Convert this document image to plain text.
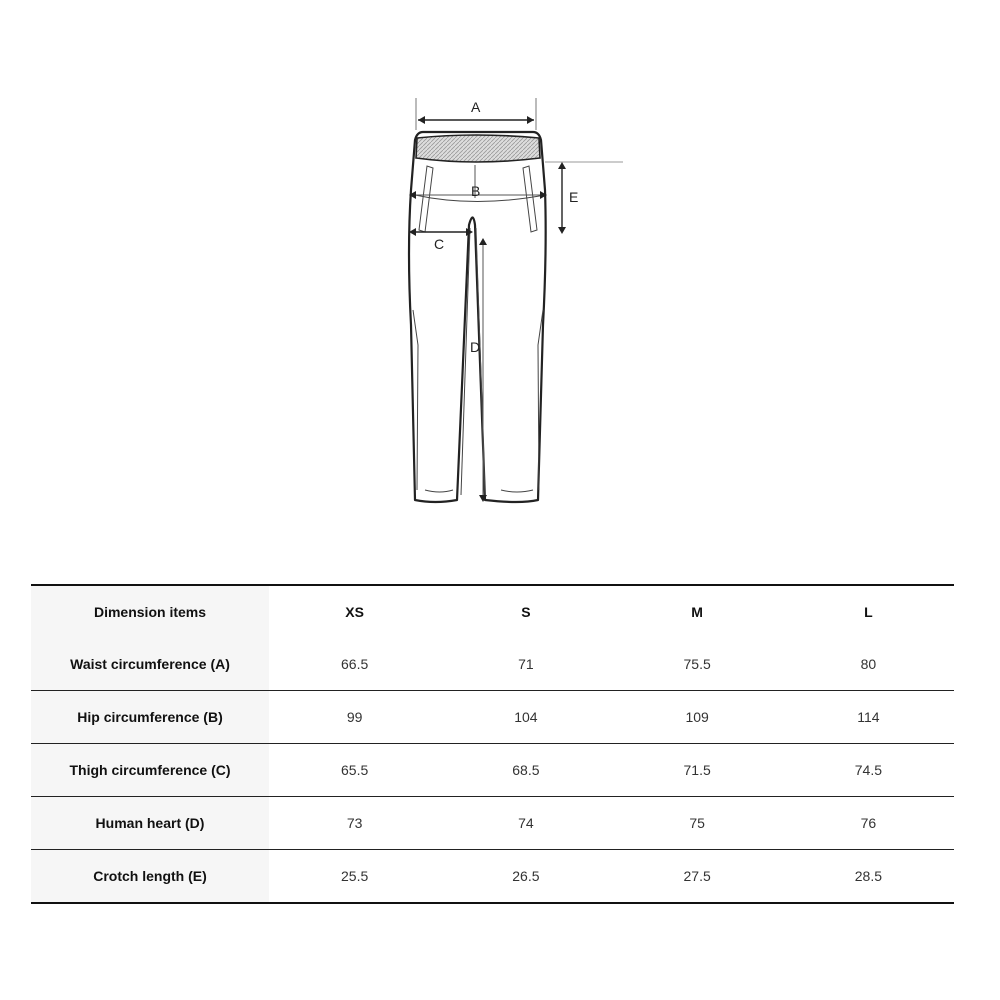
A
B
C
D
E
Dimension items	XS	S	M	L
Waist circumference (A)	66.5	71	75.5	80
Hip circumference (B)	99	104	109	114
Thigh circumference (C)	65.5	68.5	71.5	74.5
Human heart (D)	73	74	75	76
Crotch length (E)	25.5	26.5	27.5	28.5
